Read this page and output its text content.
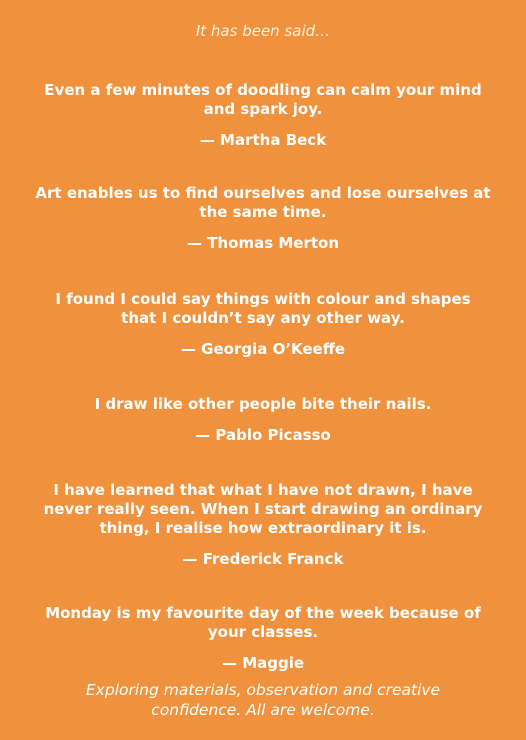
It has been said…
Even a few minutes of doodling can calm your mind
and spark joy.
— Martha Beck
Art enables us to find ourselves and lose ourselves at
the same time.
— Thomas Merton
I found I could say things with colour and shapes
that I couldn’t say any other way.
— Georgia O’Keeffe
I draw like other people bite their nails.
— Pablo Picasso
I have learned that what I have not drawn, I have
never really seen. When I start drawing an ordinary
thing, I realise how extraordinary it is.
— Frederick Franck
Monday is my favourite day of the week because of
your classes.
— Maggie
Exploring materials, observation and creative
confidence. All are welcome.
